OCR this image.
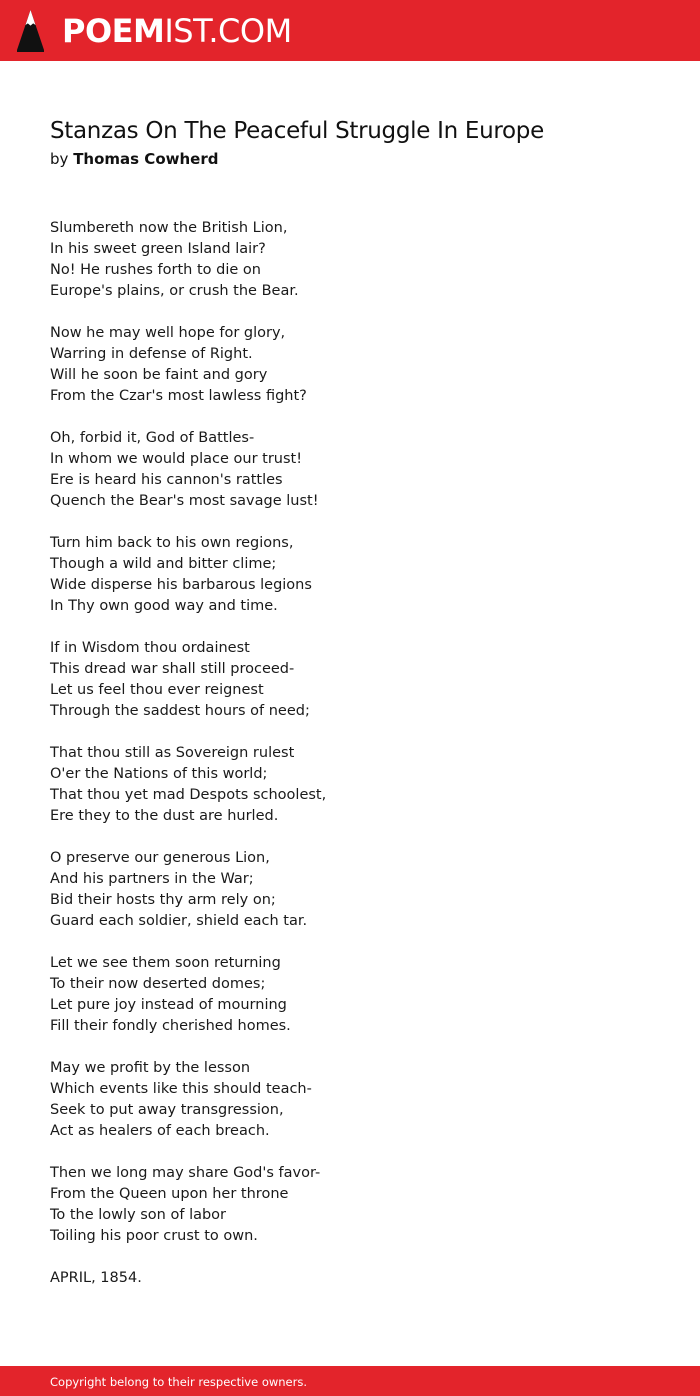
POEMIST.COM
Stanzas On The Peaceful Struggle In Europe
by Thomas Cowherd
Slumbereth now the British Lion,
In his sweet green Island lair?
No! He rushes forth to die on
Europe's plains, or crush the Bear.
Now he may well hope for glory,
Warring in defense of Right.
Will he soon be faint and gory
From the Czar's most lawless fight?
Oh, forbid it, God of Battles-
In whom we would place our trust!
Ere is heard his cannon's rattles
Quench the Bear's most savage lust!
Turn him back to his own regions,
Though a wild and bitter clime;
Wide disperse his barbarous legions
In Thy own good way and time.
If in Wisdom thou ordainest
This dread war shall still proceed-
Let us feel thou ever reignest
Through the saddest hours of need;
That thou still as Sovereign rulest
O'er the Nations of this world;
That thou yet mad Despots schoolest,
Ere they to the dust are hurled.
O preserve our generous Lion,
And his partners in the War;
Bid their hosts thy arm rely on;
Guard each soldier, shield each tar.
Let we see them soon returning
To their now deserted domes;
Let pure joy instead of mourning
Fill their fondly cherished homes.
May we profit by the lesson
Which events like this should teach-
Seek to put away transgression,
Act as healers of each breach.
Then we long may share God's favor-
From the Queen upon her throne
To the lowly son of labor
Toiling his poor crust to own.
APRIL, 1854.
Copyright belong to their respective owners.
